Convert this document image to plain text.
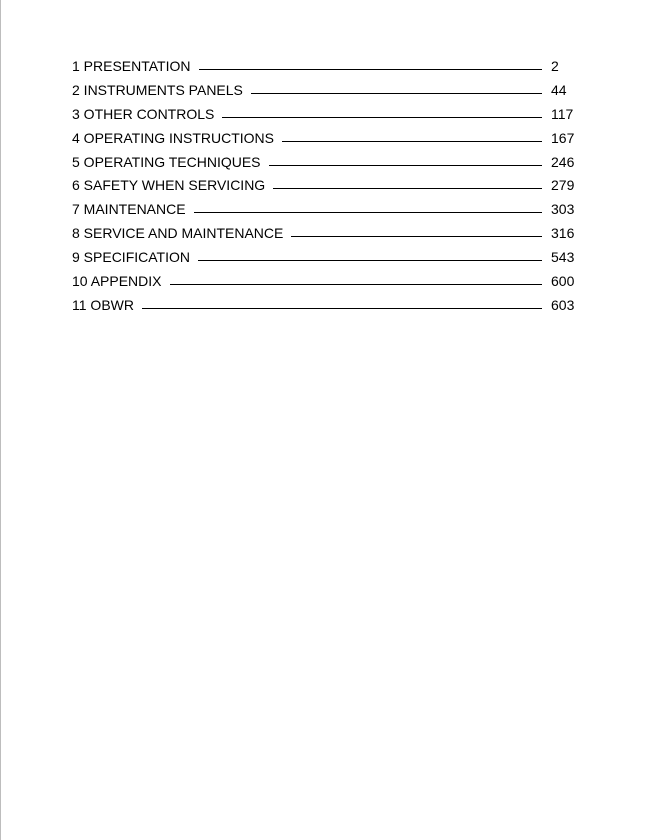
1 PRESENTATION	2
2 INSTRUMENTS PANELS	44
3 OTHER CONTROLS	117
4 OPERATING INSTRUCTIONS	167
5 OPERATING TECHNIQUES	246
6 SAFETY WHEN SERVICING	279
7 MAINTENANCE	303
8 SERVICE AND MAINTENANCE	316
9 SPECIFICATION	543
10 APPENDIX	600
11 OBWR	603
